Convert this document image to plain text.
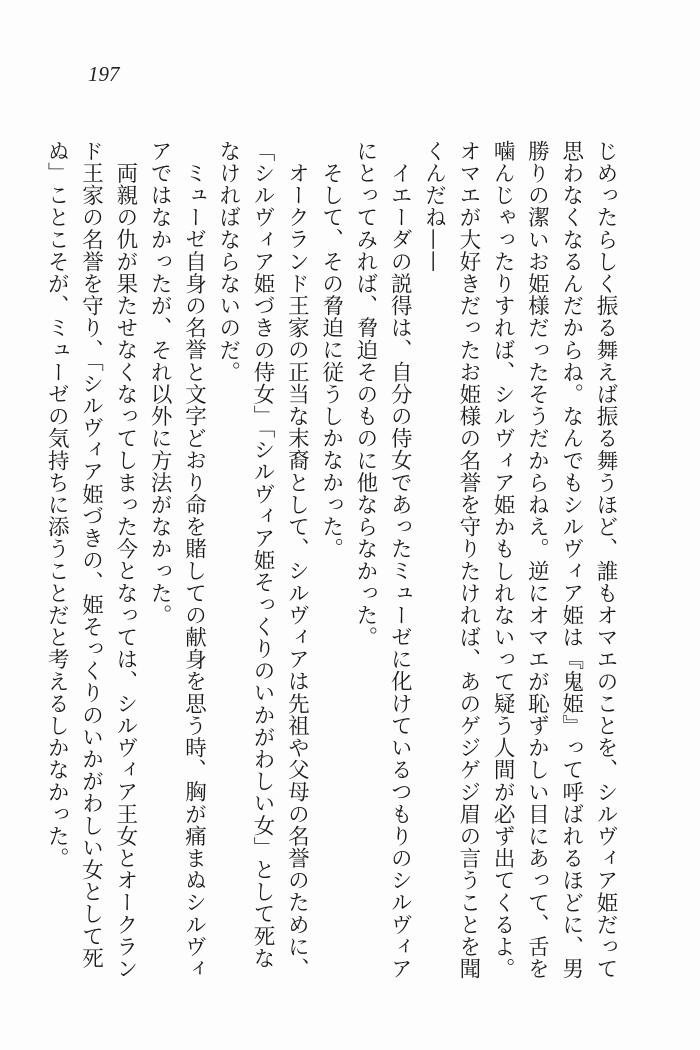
197

じめったらしく振る舞えば振る舞うほど、誰もオマエのことを、シルヴィア姫だって思わなくなるんだからね。なんでもシルヴィア姫は『鬼姫』って呼ばれるほどに、男勝りの潔いお姫様だったそうだからねえ。逆にオマエが恥ずかしい目にあって、舌を噛んじゃったりすれば、シルヴィア姫かもしれないって疑う人間が必ず出てくるよ。オマエが大好きだったお姫様の名誉を守りたければ、あのゲジゲジ眉の言うことを聞くんだね——

イエーダの説得は、自分の侍女であったミューゼに化けているつもりのシルヴィアにとってみれば、脅迫そのものに他ならなかった。

そして、その脅迫に従うしかなかった。

オークランド王家の正当な末裔として、シルヴィアは先祖や父母の名誉のために、「シルヴィア姫づきの侍女」「シルヴィア姫そっくりのいかがわしい女」として死ななければならないのだ。

ミューゼ自身の名誉と文字どおり命を賭しての献身を思う時、胸が痛まぬシルヴィアではなかったが、それ以外に方法がなかった。

両親の仇が果たせなくなってしまった今となっては、シルヴィア王女とオークランド王家の名誉を守り、「シルヴィア姫づきの、姫そっくりのいかがわしい女として死ぬ」ことこそが、ミューゼの気持ちに添うことだと考えるしかなかった。
